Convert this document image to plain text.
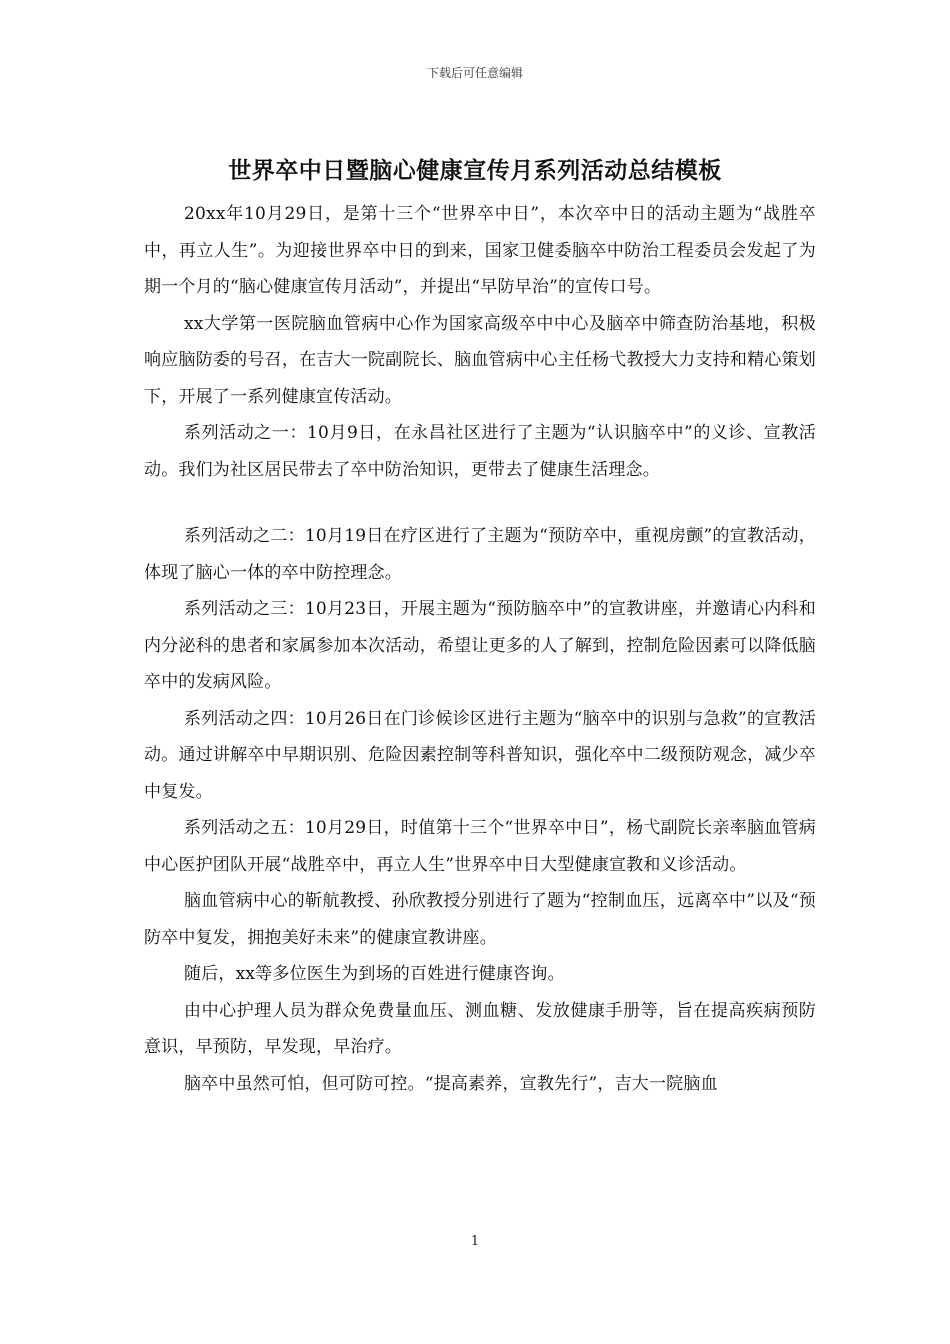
下载后可任意编辑
世界卒中日暨脑心健康宣传月系列活动总结模板

20xx年10月29日，是第十三个“世界卒中日”，本次卒中日的活动主题为“战胜卒中，再立人生”。为迎接世界卒中日的到来，国家卫健委脑卒中防治工程委员会发起了为期一个月的“脑心健康宣传月活动”，并提出“早防早治”的宣传口号。

xx大学第一医院脑血管病中心作为国家高级卒中中心及脑卒中筛查防治基地，积极响应脑防委的号召，在吉大一院副院长、脑血管病中心主任杨弋教授大力支持和精心策划下，开展了一系列健康宣传活动。

系列活动之一：10月9日，在永昌社区进行了主题为“认识脑卒中”的义诊、宣教活动。我们为社区居民带去了卒中防治知识，更带去了健康生活理念。

系列活动之二：10月19日在疗区进行了主题为“预防卒中，重视房颤”的宣教活动，体现了脑心一体的卒中防控理念。

系列活动之三：10月23日，开展主题为“预防脑卒中”的宣教讲座，并邀请心内科和内分泌科的患者和家属参加本次活动，希望让更多的人了解到，控制危险因素可以降低脑卒中的发病风险。

系列活动之四：10月26日在门诊候诊区进行主题为“脑卒中的识别与急救”的宣教活动。通过讲解卒中早期识别、危险因素控制等科普知识，强化卒中二级预防观念，减少卒中复发。

系列活动之五：10月29日，时值第十三个“世界卒中日”，杨弋副院长亲率脑血管病中心医护团队开展“战胜卒中，再立人生”世界卒中日大型健康宣教和义诊活动。

脑血管病中心的靳航教授、孙欣教授分别进行了题为“控制血压，远离卒中”以及“预防卒中复发，拥抱美好未来”的健康宣教讲座。

随后，xx等多位医生为到场的百姓进行健康咨询。

由中心护理人员为群众免费量血压、测血糖、发放健康手册等，旨在提高疾病预防意识，早预防，早发现，早治疗。

脑卒中虽然可怕，但可防可控。“提高素养，宣教先行”，吉大一院脑血

1
